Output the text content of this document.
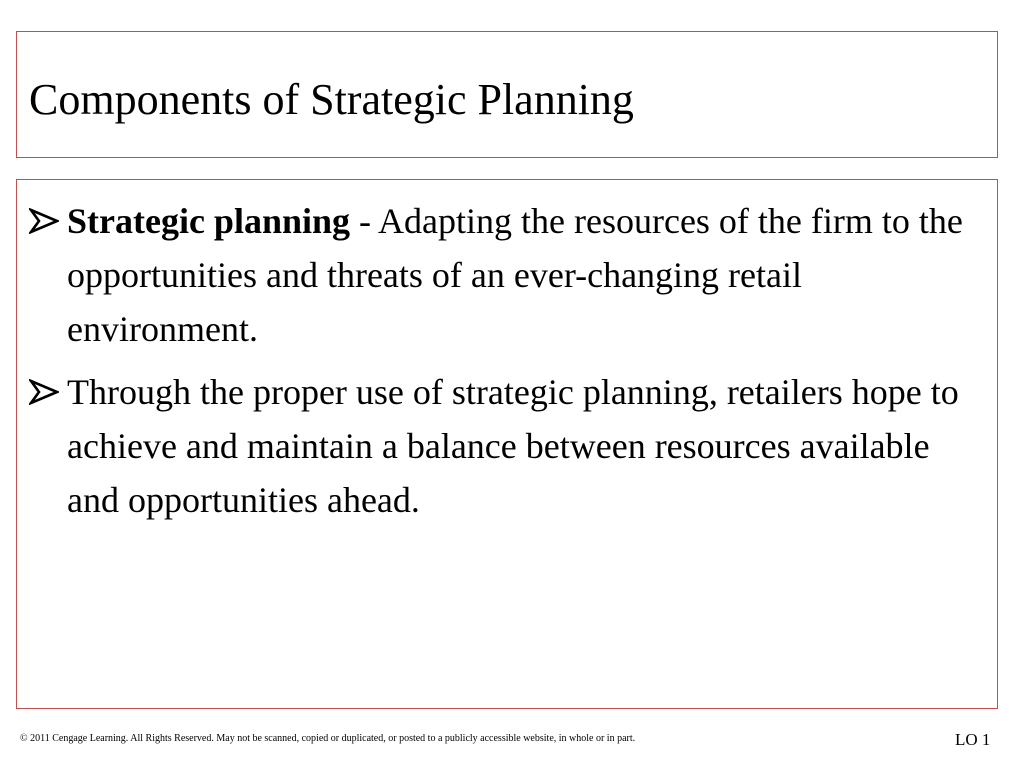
Components of Strategic Planning
Strategic planning - Adapting the resources of the firm to the opportunities and threats of an ever-changing retail environment.
Through the proper use of strategic planning, retailers hope to achieve and maintain a balance between resources available and opportunities ahead.
© 2011 Cengage Learning. All Rights Reserved. May not be scanned, copied or duplicated, or posted to a publicly accessible website, in whole or in part.	LO 1
